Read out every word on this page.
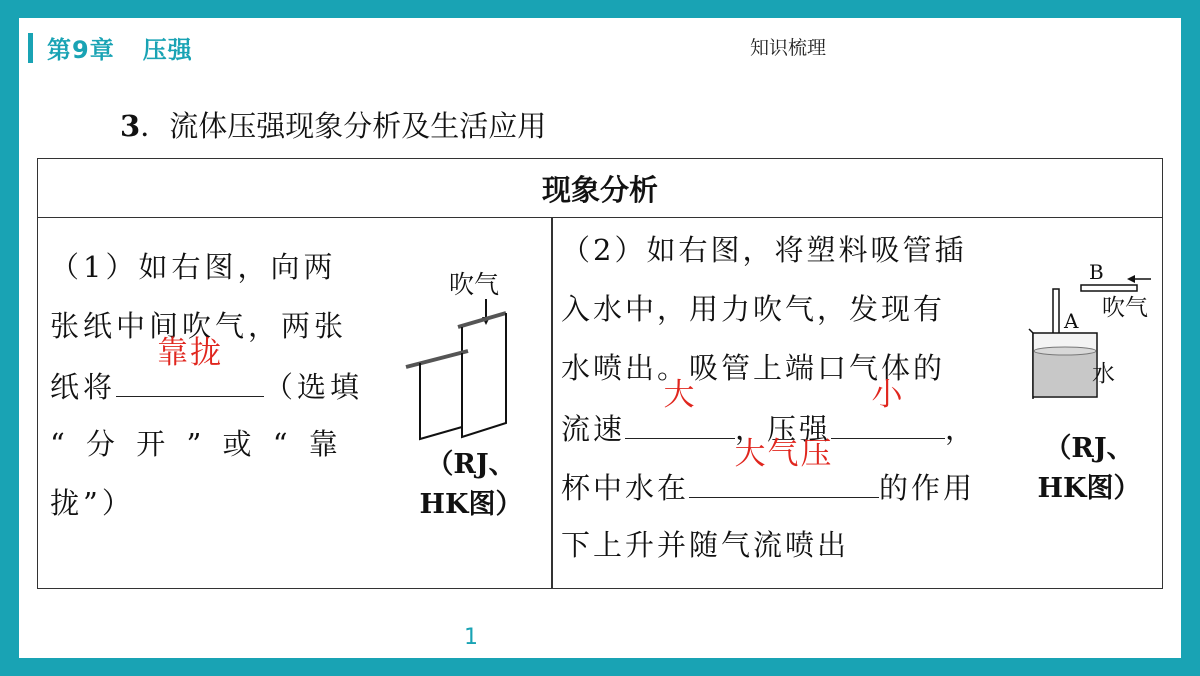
第9章 压强	知识梳理
3．流体压强现象分析及生活应用
现象分析
（1）如右图，向两
张纸中间吹气，两张
纸将
靠拢
（选填
“ 分 开 ” 或 “ 靠
拢”）
吹气
（RJ、
HK图）
（2）如右图，将塑料吸管插
入水中，用力吹气，发现有
水喷出。吸管上端口气体的
流速
大
，压强
小
，
杯中水在
大气压
的作用
下上升并随气流喷出
B
A 吹气
水
（RJ、
HK图）
1
